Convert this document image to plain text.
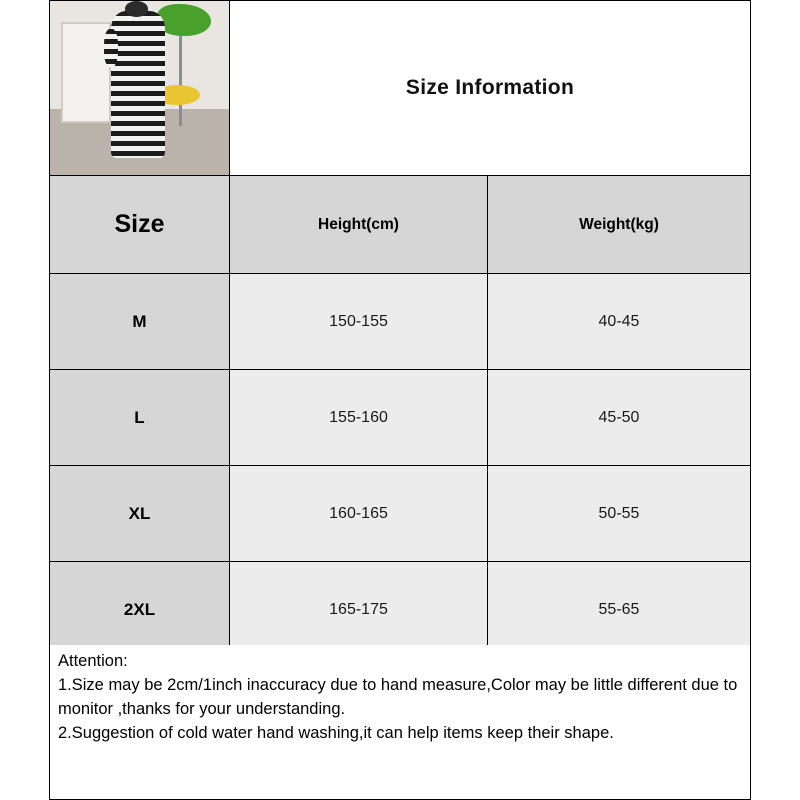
Size Information
Size	Height(cm)	Weight(kg)
M	150-155	40-45
L	155-160	45-50
XL	160-165	50-55
2XL	165-175	55-65

Attention:

1.Size may be 2cm/1inch inaccuracy due to hand measure,Color may be little different due to monitor ,thanks for your understanding.

2.Suggestion of cold water hand washing,it can help items keep their shape.
